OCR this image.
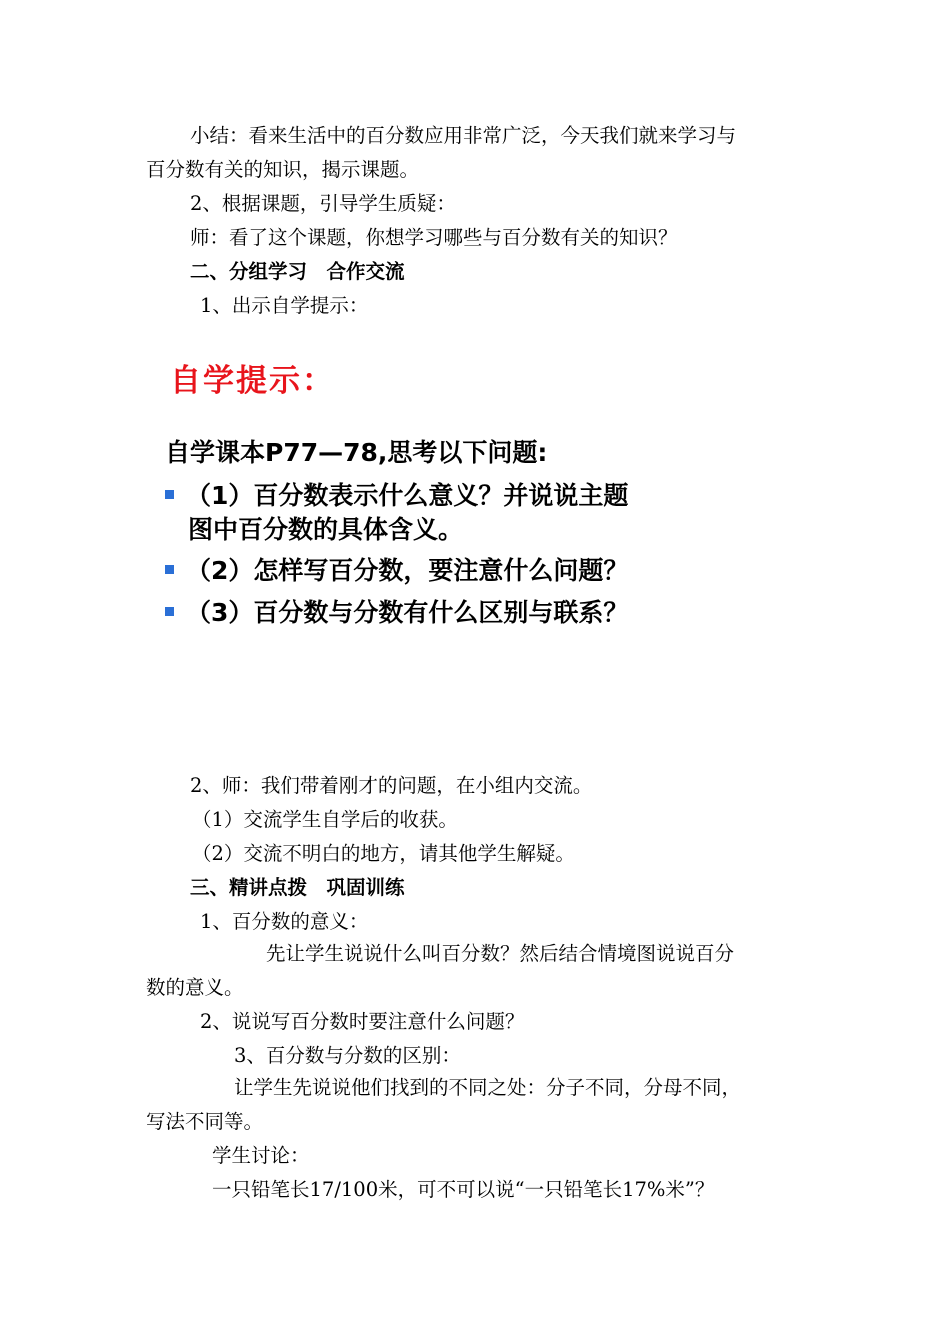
小结：看来生活中的百分数应用非常广泛，今天我们就来学习与
百分数有关的知识，揭示课题。
2、根据课题，引导学生质疑：
师：看了这个课题，你想学习哪些与百分数有关的知识？
二、分组学习　合作交流
1、出示自学提示：
自学提示：
自学课本P77—78,思考以下问题:
（1）百分数表示什么意义？并说说主题
图中百分数的具体含义。
（2）怎样写百分数，要注意什么问题？
（3）百分数与分数有什么区别与联系？
2、师：我们带着刚才的问题，在小组内交流。
（1）交流学生自学后的收获。
（2）交流不明白的地方，请其他学生解疑。
三、精讲点拨　巩固训练
1、百分数的意义：
先让学生说说什么叫百分数？然后结合情境图说说百分
数的意义。
2、说说写百分数时要注意什么问题？
3、百分数与分数的区别：
让学生先说说他们找到的不同之处：分子不同，分母不同，
写法不同等。
学生讨论：
一只铅笔长17/100米，可不可以说“一只铅笔长17%米”？
